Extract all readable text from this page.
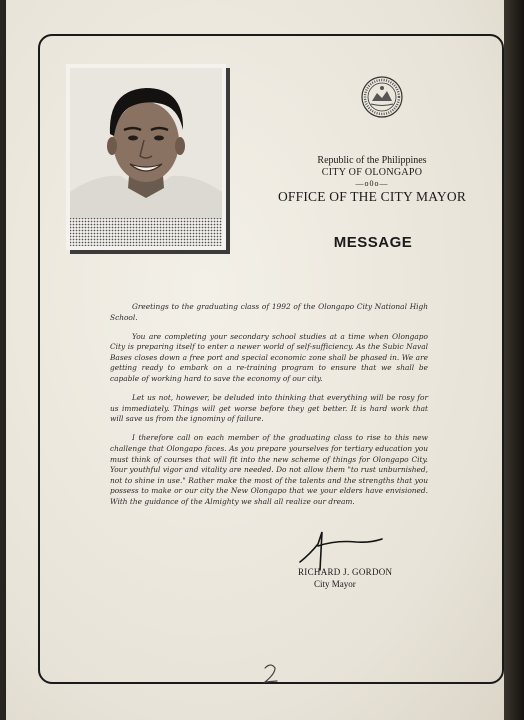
Republic of the Philippines
CITY OF OLONGAPO
—o0o—
OFFICE OF THE CITY MAYOR
MESSAGE

Greetings to the graduating class of 1992 of the Olongapo City National High School.

You are completing your secondary school studies at a time when Olongapo City is preparing itself to enter a newer world of self-sufficiency. As the Subic Naval Bases closes down a free port and special economic zone shall be phased in. We are getting ready to embark on a re-training program to ensure that we shall be capable of working hard to save the economy of our city.

Let us not, however, be deluded into thinking that everything will be rosy for us immediately. Things will get worse before they get better. It is hard work that will save us from the ignominy of failure.

I therefore call on each member of the graduating class to rise to this new challenge that Olongapo faces. As you prepare yourselves for tertiary education you must think of courses that will fit into the new scheme of things for Olongapo City. Your youthful vigor and vitality are needed. Do not allow them "to rust unburnished, not to shine in use." Rather make the most of the talents and the strengths that you possess to make or our city the New Olongapo that we your elders have envisioned. With the guidance of the Almighty we shall all realize our dream.

RICHARD J. GORDON
City Mayor
